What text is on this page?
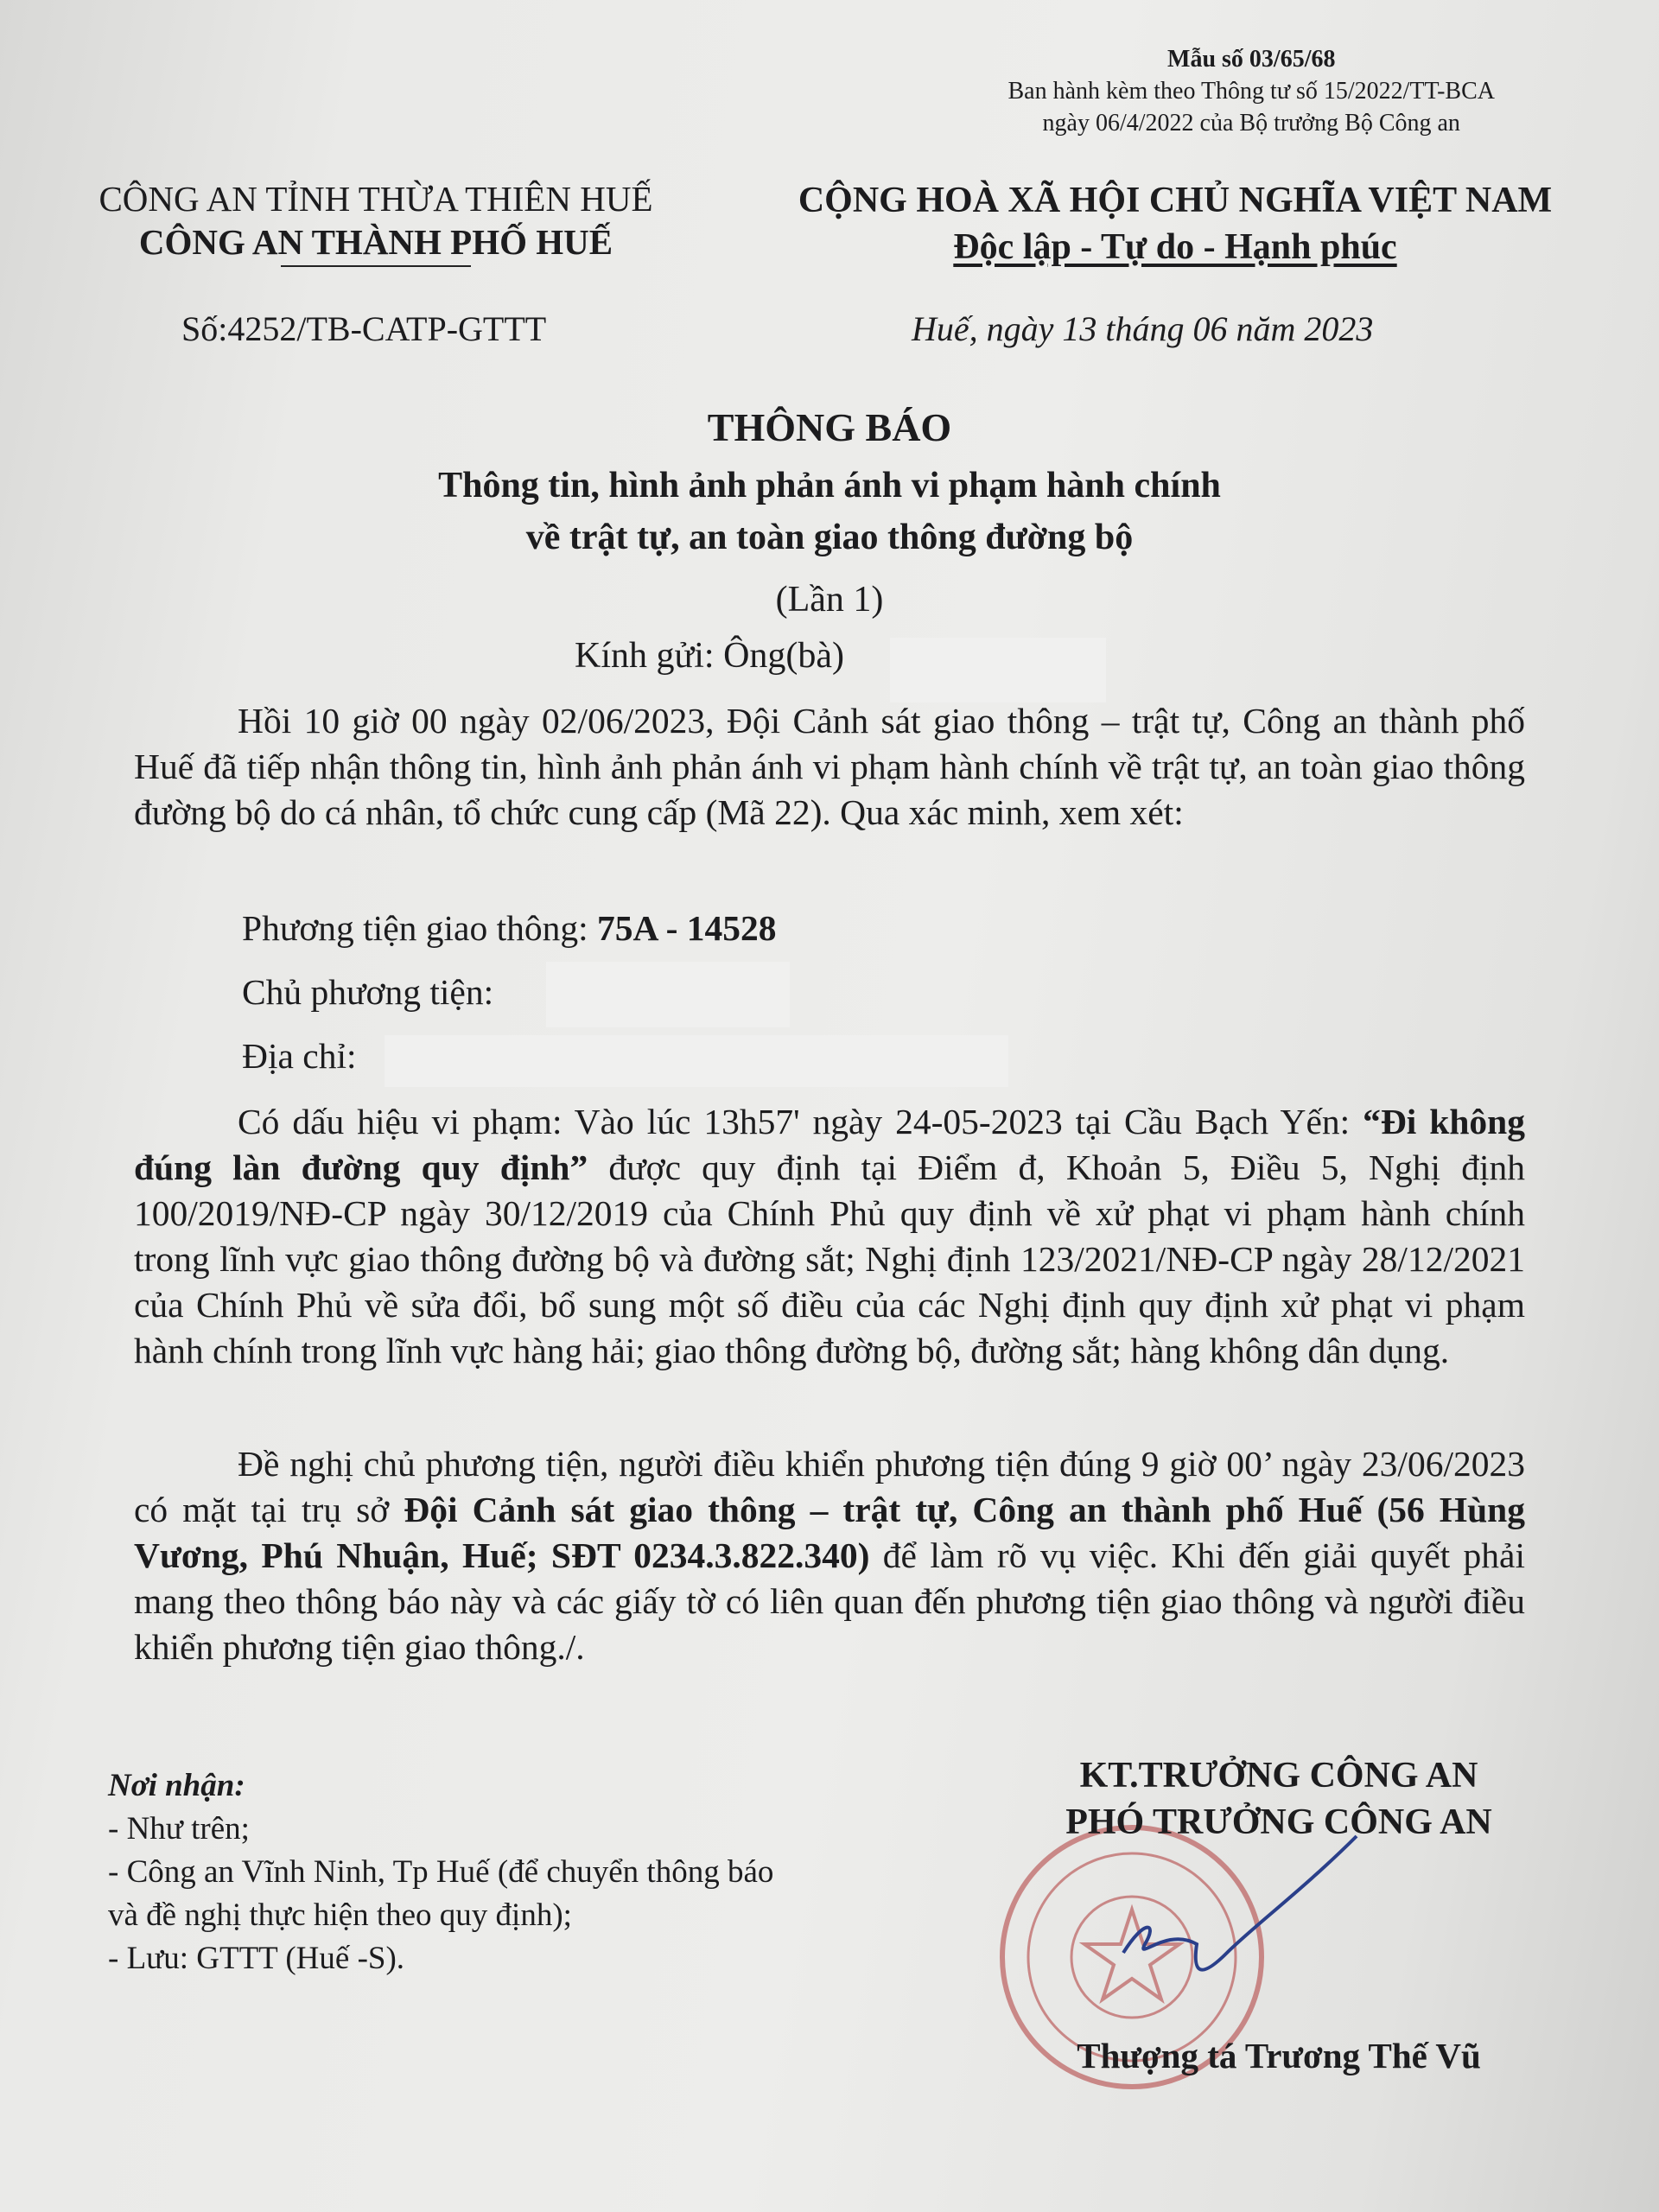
Mẫu số 03/65/68
Ban hành kèm theo Thông tư số 15/2022/TT-BCA
ngày 06/4/2022 của Bộ trưởng Bộ Công an
CÔNG AN TỈNH THỪA THIÊN HUẾ
CÔNG AN THÀNH PHỐ HUẾ
CỘNG HOÀ XÃ HỘI CHỦ NGHĨA VIỆT NAM
Độc lập - Tự do - Hạnh phúc
Số:4252/TB-CATP-GTTT	Huế, ngày 13 tháng 06 năm 2023
THÔNG BÁO
Thông tin, hình ảnh phản ánh vi phạm hành chính
về trật tự, an toàn giao thông đường bộ
(Lần 1)
Kính gửi: Ông(bà)
Hồi 10 giờ 00 ngày 02/06/2023, Đội Cảnh sát giao thông – trật tự, Công an thành phố Huế đã tiếp nhận thông tin, hình ảnh phản ánh vi phạm hành chính về trật tự, an toàn giao thông đường bộ do cá nhân, tổ chức cung cấp (Mã 22). Qua xác minh, xem xét:
Phương tiện giao thông: 75A - 14528
Chủ phương tiện:
Địa chỉ:
Có dấu hiệu vi phạm: Vào lúc 13h57' ngày 24-05-2023 tại Cầu Bạch Yến: “Đi không đúng làn đường quy định” được quy định tại Điểm đ, Khoản 5, Điều 5, Nghị định 100/2019/NĐ-CP ngày 30/12/2019 của Chính Phủ quy định về xử phạt vi phạm hành chính trong lĩnh vực giao thông đường bộ và đường sắt; Nghị định 123/2021/NĐ-CP ngày 28/12/2021 của Chính Phủ về sửa đổi, bổ sung một số điều của các Nghị định quy định xử phạt vi phạm hành chính trong lĩnh vực hàng hải; giao thông đường bộ, đường sắt; hàng không dân dụng.
Đề nghị chủ phương tiện, người điều khiển phương tiện đúng 9 giờ 00’ ngày 23/06/2023 có mặt tại trụ sở Đội Cảnh sát giao thông – trật tự, Công an thành phố Huế (56 Hùng Vương, Phú Nhuận, Huế; SĐT 0234.3.822.340) để làm rõ vụ việc. Khi đến giải quyết phải mang theo thông báo này và các giấy tờ có liên quan đến phương tiện giao thông và người điều khiển phương tiện giao thông./.
Nơi nhận:
- Như trên;
- Công an Vĩnh Ninh, Tp Huế (để chuyển thông báo
và đề nghị thực hiện theo quy định);
- Lưu: GTTT (Huế -S).
KT.TRƯỞNG CÔNG AN
PHÓ TRƯỞNG CÔNG AN
Thượng tá Trương Thế Vũ
